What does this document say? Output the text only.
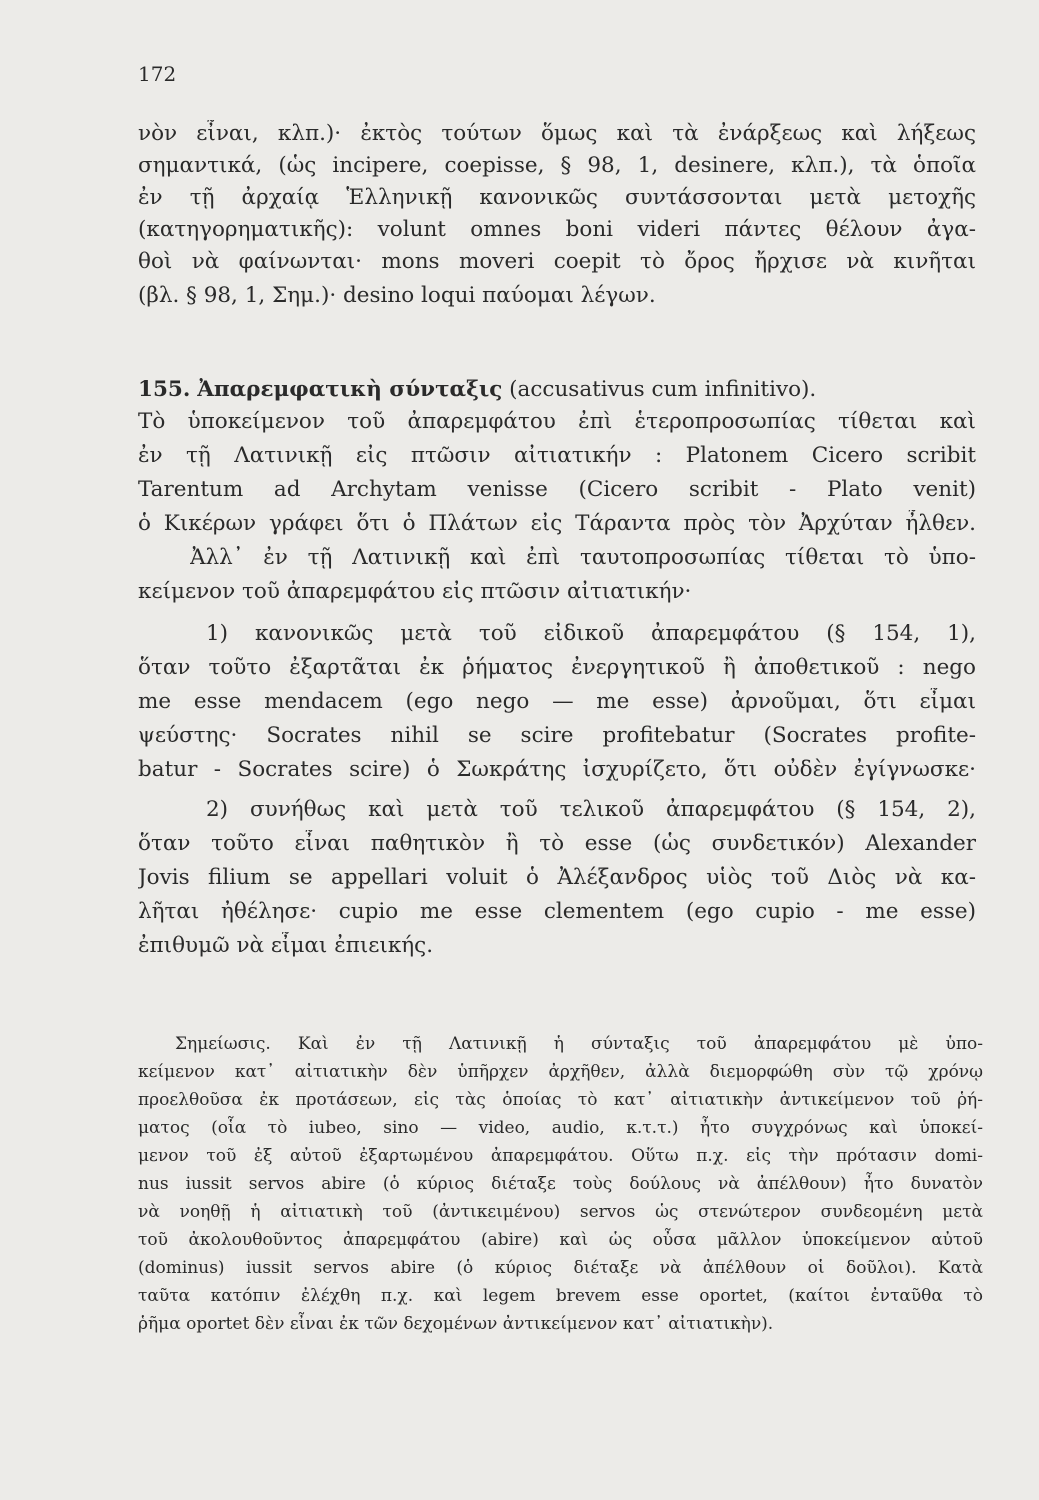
172
νὸν εἶναι, κλπ.)· ἐκτὸς τούτων ὅμως καὶ τὰ ἐνάρξεως καὶ λήξεως
σημαντικά, (ὡς incipere, coepisse, § 98, 1, desinere, κλπ.), τὰ ὁποῖα
ἐν τῇ ἀρχαίᾳ Ἑλληνικῇ κανονικῶς συντάσσονται μετὰ μετοχῆς
(κατηγορηματικῆς): volunt omnes boni videri πάντες θέλουν ἀγα-
θοὶ νὰ φαίνωνται· mons moveri coepit τὸ ὄρος ἤρχισε νὰ κινῆται
(βλ. § 98, 1, Σημ.)· desino loqui παύομαι λέγων.
155. Ἀπαρεμφατικὴ σύνταξις (accusativus cum infinitivo).
Τὸ ὑποκείμενον τοῦ ἀπαρεμφάτου ἐπὶ ἑτεροπροσωπίας τίθεται καὶ
ἐν τῇ Λατινικῇ εἰς πτῶσιν αἰτιατικήν : Platonem Cicero scribit
Tarentum ad Archytam venisse (Cicero scribit - Plato venit)
ὁ Κικέρων γράφει ὅτι ὁ Πλάτων εἰς Τάραντα πρὸς τὸν Ἀρχύταν ἦλθεν.
Ἀλλ᾽ ἐν τῇ Λατινικῇ καὶ ἐπὶ ταυτοπροσωπίας τίθεται τὸ ὑπο-
κείμενον τοῦ ἀπαρεμφάτου εἰς πτῶσιν αἰτιατικήν·
1) κανονικῶς μετὰ τοῦ εἰδικοῦ ἀπαρεμφάτου (§ 154, 1),
ὅταν τοῦτο ἐξαρτᾶται ἐκ ῥήματος ἐνεργητικοῦ ἢ ἀποθετικοῦ : nego
me esse mendacem (ego nego — me esse) ἀρνοῦμαι, ὅτι εἶμαι
ψεύστης· Socrates nihil se scire profitebatur (Socrates profite-
batur - Socrates scire) ὁ Σωκράτης ἰσχυρίζετο, ὅτι οὐδὲν ἐγίγνωσκε·
2) συνήθως καὶ μετὰ τοῦ τελικοῦ ἀπαρεμφάτου (§ 154, 2),
ὅταν τοῦτο εἶναι παθητικὸν ἢ τὸ esse (ὡς συνδετικόν) Alexander
Jovis filium se appellari voluit ὁ Ἀλέξανδρος υἱὸς τοῦ Διὸς νὰ κα-
λῆται ἠθέλησε· cupio me esse clementem (ego cupio - me esse)
ἐπιθυμῶ νὰ εἶμαι ἐπιεικής.
Σημείωσις. Καὶ ἐν τῇ Λατινικῇ ἡ σύνταξις τοῦ ἀπαρεμφάτου μὲ ὑπο-
κείμενον κατ᾽ αἰτιατικὴν δὲν ὑπῆρχεν ἀρχῆθεν, ἀλλὰ διεμορφώθη σὺν τῷ χρόνῳ
προελθοῦσα ἐκ προτάσεων, εἰς τὰς ὁποίας τὸ κατ᾽ αἰτιατικὴν ἀντικείμενον τοῦ ῥή-
ματος (οἷα τὸ iubeo, sino — video, audio, κ.τ.τ.) ἦτο συγχρόνως καὶ ὑποκεί-
μενον τοῦ ἐξ αὐτοῦ ἐξαρτωμένου ἀπαρεμφάτου. Οὕτω π.χ. εἰς τὴν πρότασιν domi-
nus iussit servos abire (ὁ κύριος διέταξε τοὺς δούλους νὰ ἀπέλθουν) ἦτο δυνατὸν
νὰ νοηθῇ ἡ αἰτιατικὴ τοῦ (ἀντικειμένου) servos ὡς στενώτερον συνδεομένη μετὰ
τοῦ ἀκολουθοῦντος ἀπαρεμφάτου (abire) καὶ ὡς οὖσα μᾶλλον ὑποκείμενον αὐτοῦ
(dominus) iussit servos abire (ὁ κύριος διέταξε νὰ ἀπέλθουν οἱ δοῦλοι). Κατὰ
ταῦτα κατόπιν ἐλέχθη π.χ. καὶ legem brevem esse oportet, (καίτοι ἐνταῦθα τὸ
ῥῆμα oportet δὲν εἶναι ἐκ τῶν δεχομένων ἀντικείμενον κατ᾽ αἰτιατικὴν).
